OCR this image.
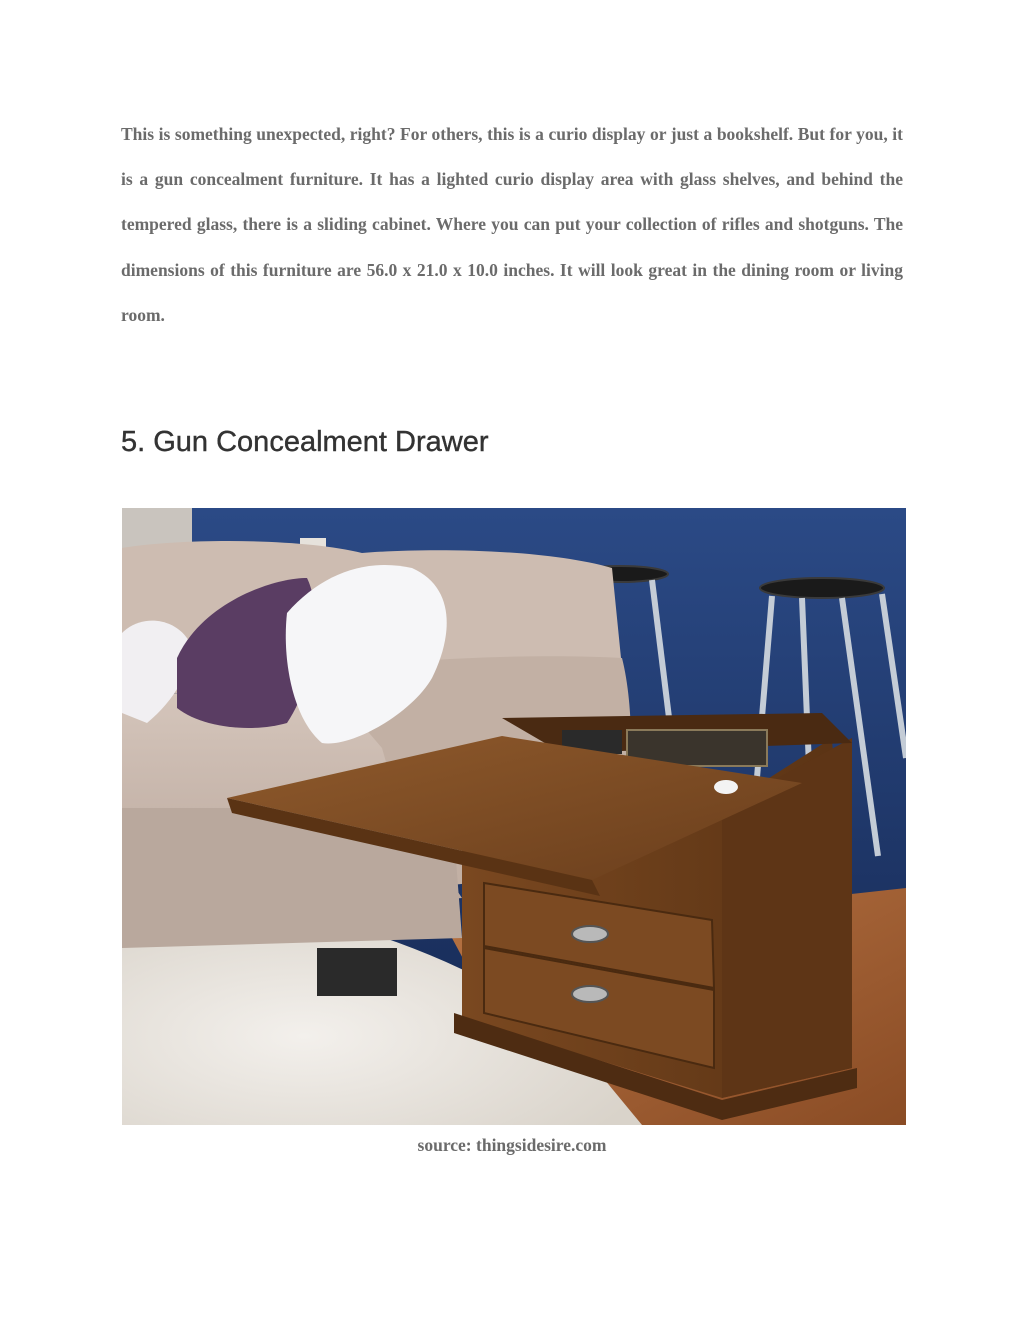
This is something unexpected, right? For others, this is a curio display or just a bookshelf. But for you, it is a gun concealment furniture. It has a lighted curio display area with glass shelves, and behind the tempered glass, there is a sliding cabinet. Where you can put your collection of rifles and shotguns. The dimensions of this furniture are 56.0 x 21.0 x 10.0 inches. It will look great in the dining room or living room.

5. Gun Concealment Drawer

source: thingsidesire.com
